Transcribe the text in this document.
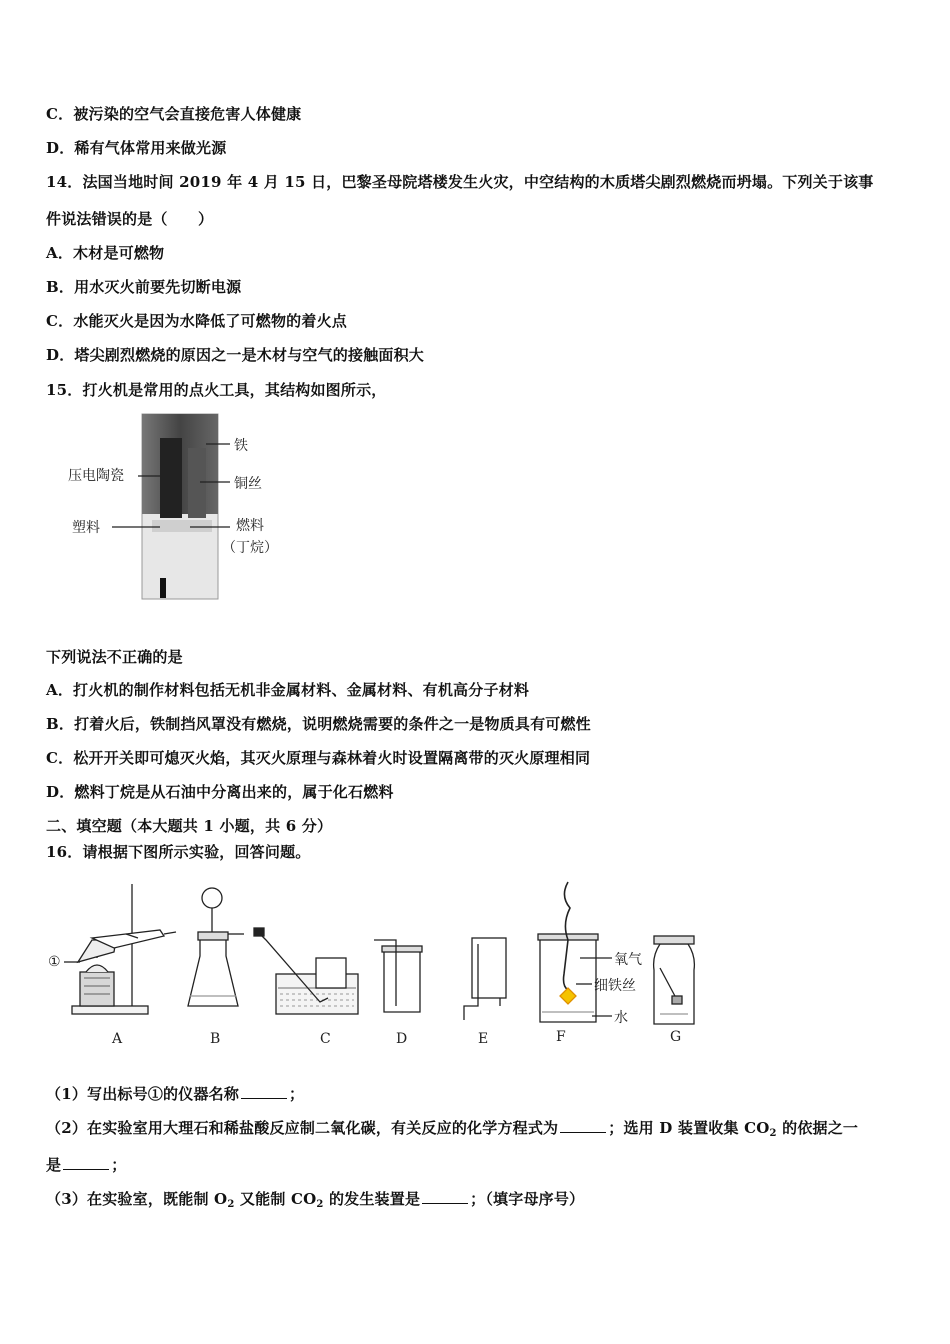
C．被污染的空气会直接危害人体健康
D．稀有气体常用来做光源
14．法国当地时间 2019 年 4 月 15 日，巴黎圣母院塔楼发生火灾，中空结构的木质塔尖剧烈燃烧而坍塌。下列关于该事
件说法错误的是（　　）
A．木材是可燃物
B．用水灭火前要先切断电源
C．水能灭火是因为水降低了可燃物的着火点
D．塔尖剧烈燃烧的原因之一是木材与空气的接触面积大
15．打火机是常用的点火工具，其结构如图所示，
铁
压电陶瓷	铜丝
塑料	燃料
（丁烷）
下列说法不正确的是
A．打火机的制作材料包括无机非金属材料、金属材料、有机高分子材料
B．打着火后，铁制挡风罩没有燃烧，说明燃烧需要的条件之一是物质具有可燃性
C．松开开关即可熄灭火焰，其灭火原理与森林着火时设置隔离带的灭火原理相同
D．燃料丁烷是从石油中分离出来的，属于化石燃料
二、填空题（本大题共 1 小题，共 6 分）
16．请根据下图所示实验，回答问题。
①	氧气
细铁丝
水
A	B	C	D	E	F	G
（1）写出标号①的仪器名称	；
（2）在实验室用大理石和稀盐酸反应制二氧化碳，有关反应的化学方程式为	；选用 D 装置收集 $CO_2$ 的依据之一
是	；
（3）在实验室，既能制 $O_2$ 又能制 $CO_2$ 的发生装置是	；（填字母序号）
